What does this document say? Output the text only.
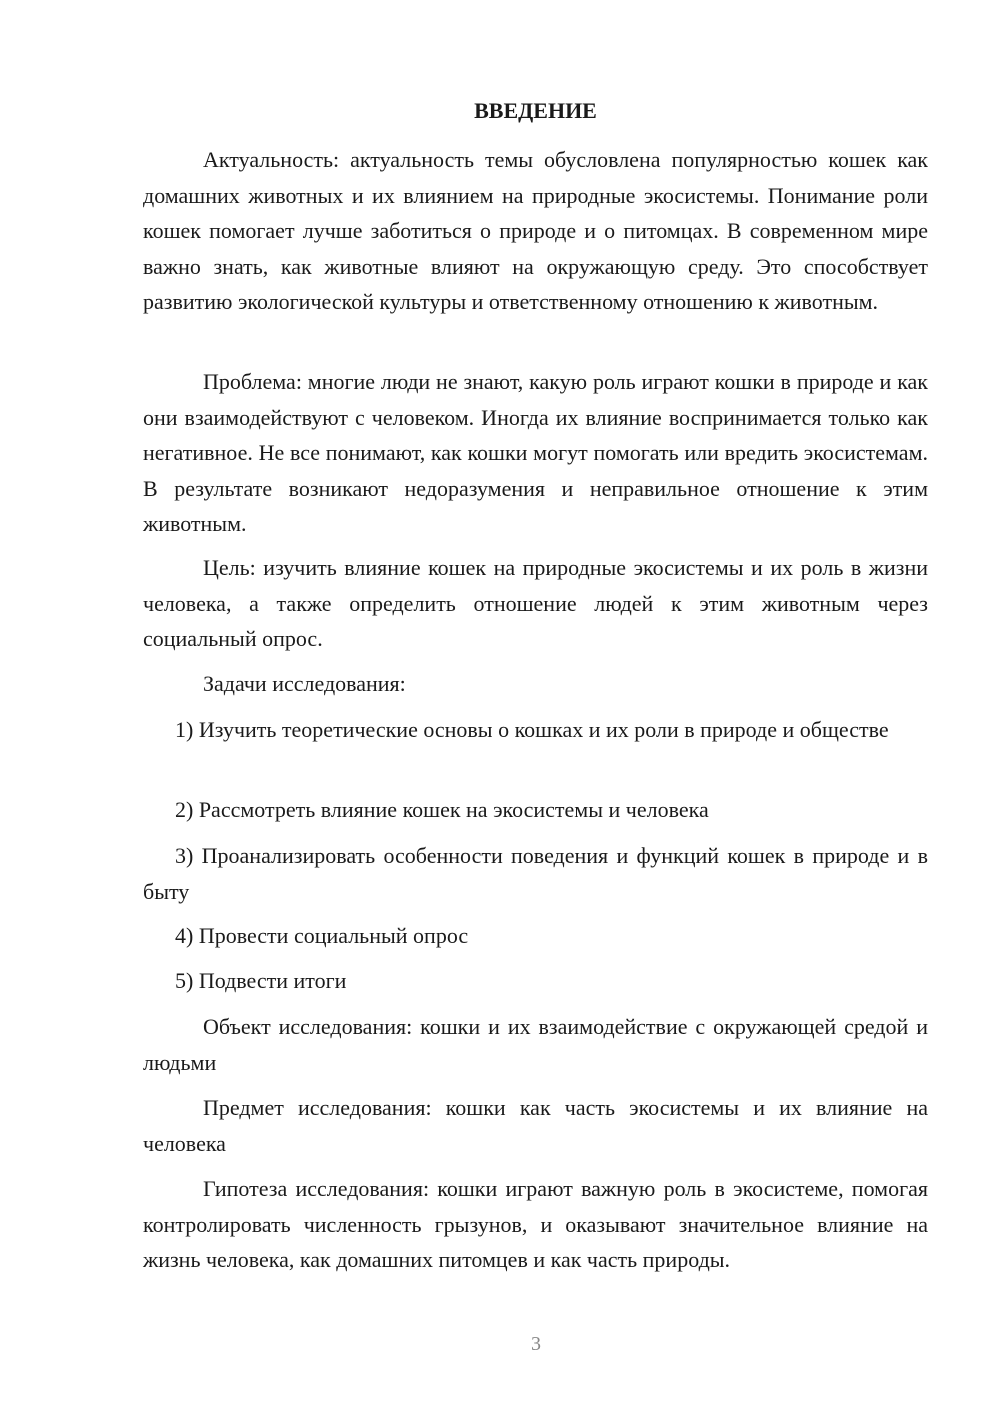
ВВЕДЕНИЕ

Актуальность: актуальность темы обусловлена популярностью кошек как домашних животных и их влиянием на природные экосистемы. Понимание роли кошек помогает лучше заботиться о природе и о питомцах. В современном мире важно знать, как животные влияют на окружающую среду. Это способствует развитию экологической культуры и ответственному отношению к животным.

Проблема: многие люди не знают, какую роль играют кошки в природе и как они взаимодействуют с человеком. Иногда их влияние воспринимается только как негативное. Не все понимают, как кошки могут помогать или вредить экосистемам. В результате возникают недоразумения и неправильное отношение к этим животным.

Цель: изучить влияние кошек на природные экосистемы и их роль в жизни человека, а также определить отношение людей к этим животным через социальный опрос.

Задачи исследования:

1) Изучить теоретические основы о кошках и их роли в природе и обществе

2) Рассмотреть влияние кошек на экосистемы и человека

3) Проанализировать особенности поведения и функций кошек в природе и в быту

4) Провести социальный опрос

5) Подвести итоги

Объект исследования: кошки и их взаимодействие с окружающей средой и людьми

Предмет исследования: кошки как часть экосистемы и их влияние на человека

Гипотеза исследования: кошки играют важную роль в экосистеме, помогая контролировать численность грызунов, и оказывают значительное влияние на жизнь человека, как домашних питомцев и как часть природы.

3
